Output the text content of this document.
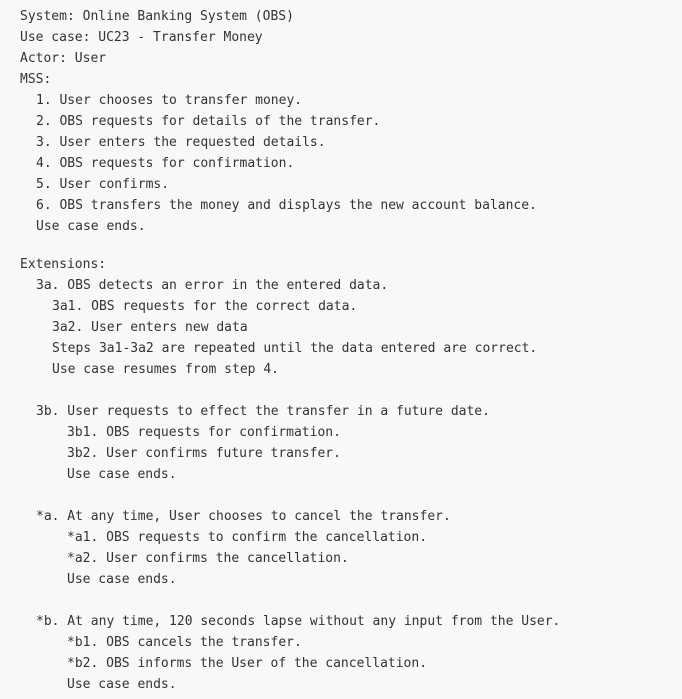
System: Online Banking System (OBS)
Use case: UC23 - Transfer Money
Actor: User
MSS:
1. User chooses to transfer money.
2. OBS requests for details of the transfer.
3. User enters the requested details.
4. OBS requests for confirmation.
5. User confirms.
6. OBS transfers the money and displays the new account balance.
Use case ends.
Extensions:
3a. OBS detects an error in the entered data.
3a1. OBS requests for the correct data.
3a2. User enters new data
Steps 3a1-3a2 are repeated until the data entered are correct.
Use case resumes from step 4.
3b. User requests to effect the transfer in a future date.
3b1. OBS requests for confirmation.
3b2. User confirms future transfer.
Use case ends.
*a. At any time, User chooses to cancel the transfer.
*a1. OBS requests to confirm the cancellation.
*a2. User confirms the cancellation.
Use case ends.
*b. At any time, 120 seconds lapse without any input from the User.
*b1. OBS cancels the transfer.
*b2. OBS informs the User of the cancellation.
Use case ends.
